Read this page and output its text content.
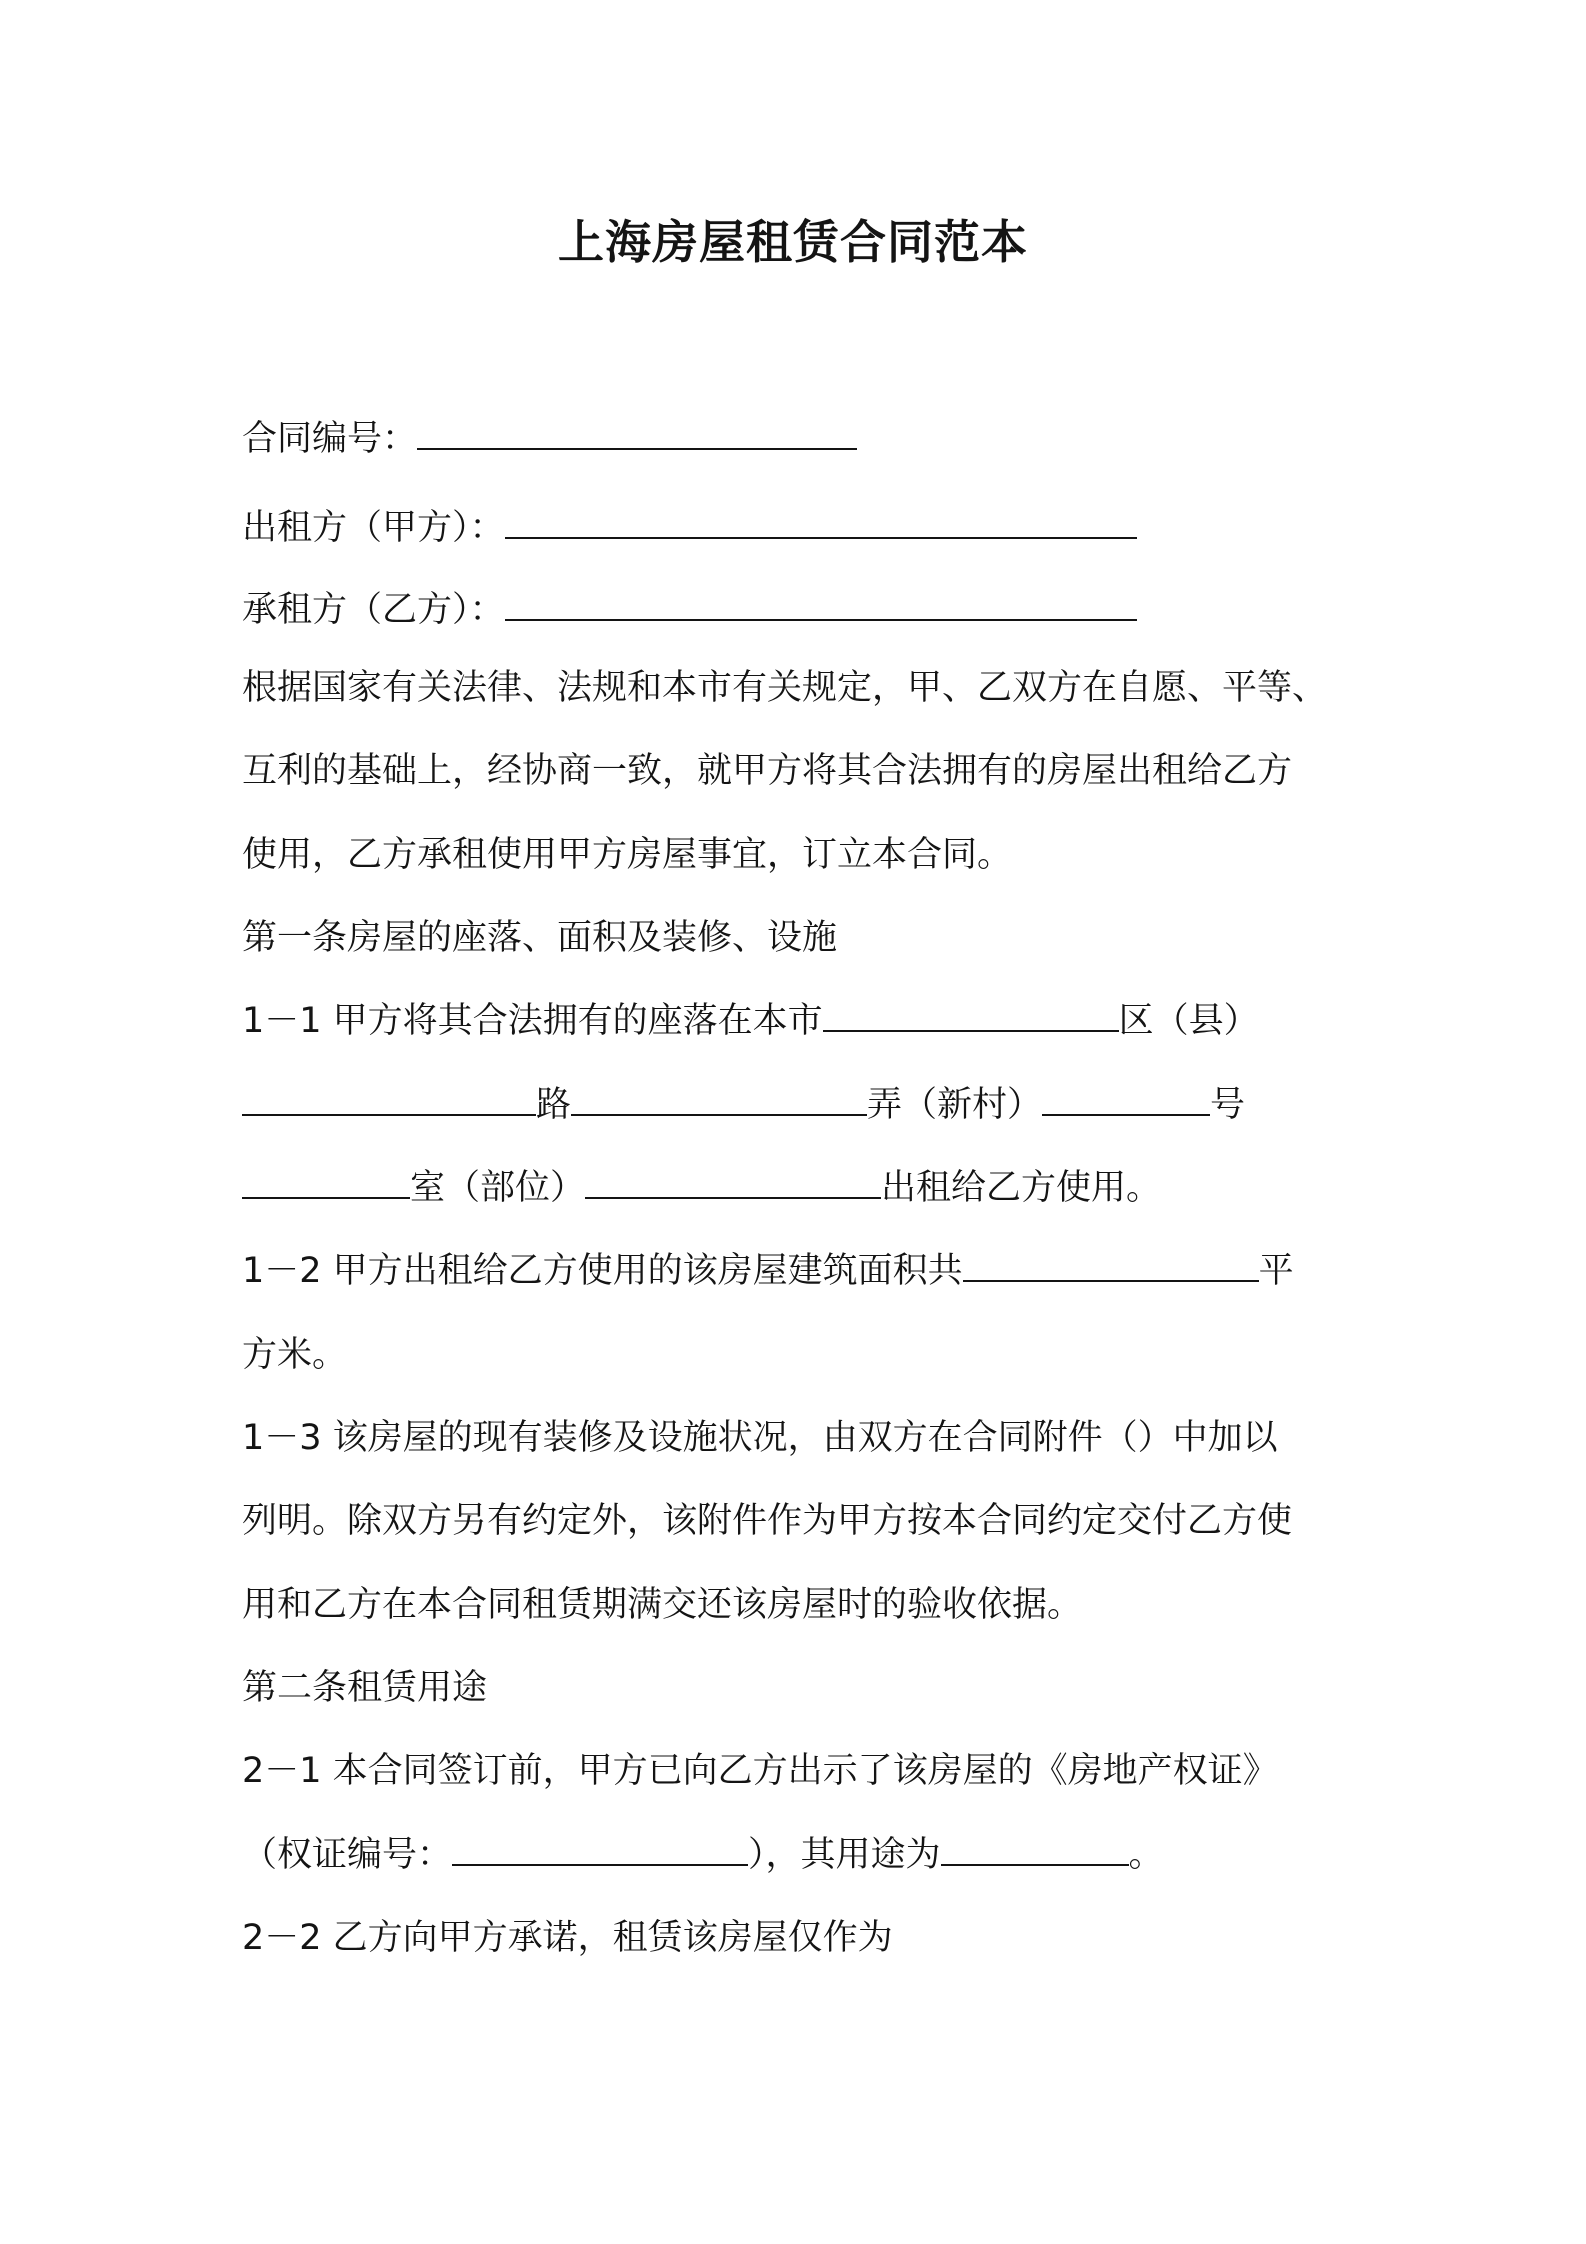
上海房屋租赁合同范本
合同编号：
出租方（甲方）：
承租方（乙方）：
根据国家有关法律、法规和本市有关规定，甲、乙双方在自愿、平等、
互利的基础上，经协商一致，就甲方将其合法拥有的房屋出租给乙方
使用，乙方承租使用甲方房屋事宜，订立本合同。
第一条房屋的座落、面积及装修、设施
1－1 甲方将其合法拥有的座落在本市	区（县）
路	弄（新村）	号
室（部位）	出租给乙方使用。
1－2 甲方出租给乙方使用的该房屋建筑面积共	平
方米。
1－3 该房屋的现有装修及设施状况，由双方在合同附件（）中加以
列明。除双方另有约定外，该附件作为甲方按本合同约定交付乙方使
用和乙方在本合同租赁期满交还该房屋时的验收依据。
第二条租赁用途
2－1 本合同签订前，甲方已向乙方出示了该房屋的《房地产权证》
（权证编号：	），其用途为	。
2－2 乙方向甲方承诺，租赁该房屋仅作为
